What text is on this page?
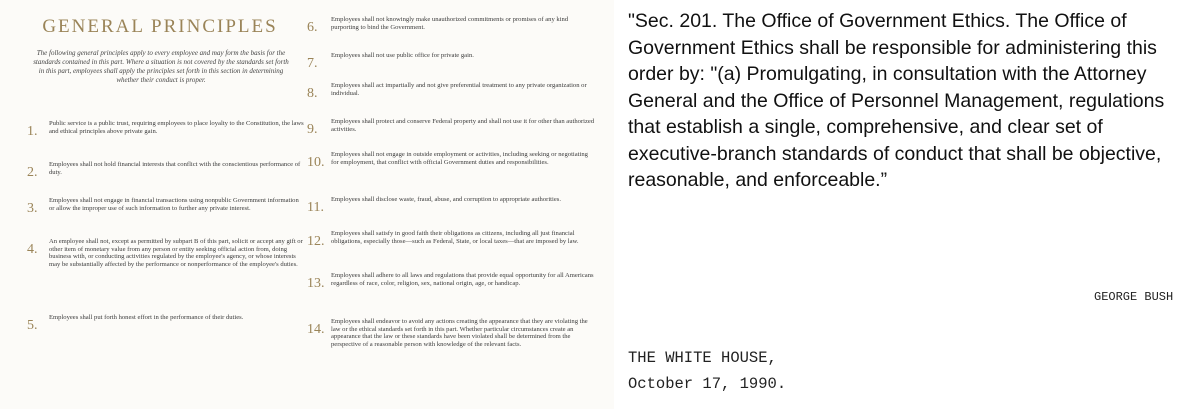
GENERAL PRINCIPLES
The following general principles apply to every employee and may form the basis for the standards contained in this part. Where a situation is not covered by the standards set forth in this part, employees shall apply the principles set forth in this section in determining whether their conduct is proper.
1.
Public service is a public trust, requiring employees to place loyalty to the Constitution, the laws and ethical principles above private gain.
2.
Employees shall not hold financial interests that conflict with the conscientious performance of duty.
3.
Employees shall not engage in financial transactions using nonpublic Government information or allow the improper use of such information to further any private interest.
4.
An employee shall not, except as permitted by subpart B of this part, solicit or accept any gift or other item of monetary value from any person or entity seeking official action from, doing business with, or conducting activities regulated by the employee's agency, or whose interests may be substantially affected by the performance or nonperformance of the employee's duties.
5.
Employees shall put forth honest effort in the performance of their duties.
6.
Employees shall not knowingly make unauthorized commitments or promises of any kind purporting to bind the Government.
7.
Employees shall not use public office for private gain.
8.
Employees shall act impartially and not give preferential treatment to any private organization or individual.
9.
Employees shall protect and conserve Federal property and shall not use it for other than authorized activities.
10.
Employees shall not engage in outside employment or activities, including seeking or negotiating for employment, that conflict with official Government duties and responsibilities.
11.
Employees shall disclose waste, fraud, abuse, and corruption to appropriate authorities.
12.
Employees shall satisfy in good faith their obligations as citizens, including all just financial obligations, especially those—such as Federal, State, or local taxes—that are imposed by law.
13.
Employees shall adhere to all laws and regulations that provide equal opportunity for all Americans regardless of race, color, religion, sex, national origin, age, or handicap.
14.
Employees shall endeavor to avoid any actions creating the appearance that they are violating the law or the ethical standards set forth in this part. Whether particular circumstances create an appearance that the law or these standards have been violated shall be determined from the perspective of a reasonable person with knowledge of the relevant facts.

"Sec. 201. The Office of Government Ethics. The Office of Government Ethics shall be responsible for administering this order by: "(a) Promulgating, in consultation with the Attorney General and the Office of Personnel Management, regulations that establish a single, comprehensive, and clear set of executive-branch standards of conduct that shall be objective, reasonable, and enforceable.”

GEORGE BUSH
THE WHITE HOUSE,
October 17, 1990.
